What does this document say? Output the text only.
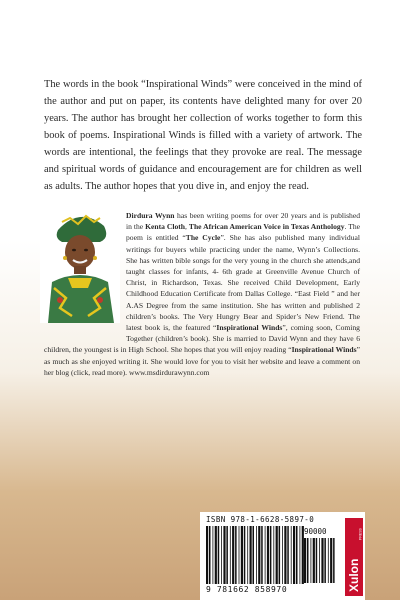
The words in the book “Inspirational Winds” were conceived in the mind of the author and put on paper, its contents have delighted many for over 20 years. The author has brought her collection of works together to form this book of poems. Inspirational Winds is filled with a variety of artwork. The words are intentional, the feelings that they provoke are real. The message and spiritual words of guidance and encouragement are for children as well as adults. The author hopes that you dive in, and enjoy the read.

Dirdura Wynn has been writing poems for over 20 years and is published in the Kenta Cloth, The African American Voice in Texas Anthology. The poem is entitled “The Cycle”. She has also published many individual writings for buyers while practicing under the name, Wynn’s Collections. She has written bible songs for the very young in the church she attends,and taught classes for infants, 4- 6th grade at Greenville Avenue Church of Christ, in Richardson, Texas. She received Child Development, Early Childhood Education Certificate from Dallas College. “East Field ” and her A.AS Degree from the same institution. She has written and published 2 children’s books. The Very Hungry Bear and Spider’s New Friend. The latest book is, the featured “Inspirational Winds”, coming soon, Coming Together (children’s book). She is married to David Wynn and they have 6 children, the youngest is in High School. She hopes that you will enjoy reading “Inspirational Winds” as much as she enjoyed writing it. She would love for you to visit her website and leave a comment on her blog (click, read more). www.msdirdurawynn.com
ISBN 978-1-6628-5897-0
90000
9 781662 858970	Xulon
PRESS
